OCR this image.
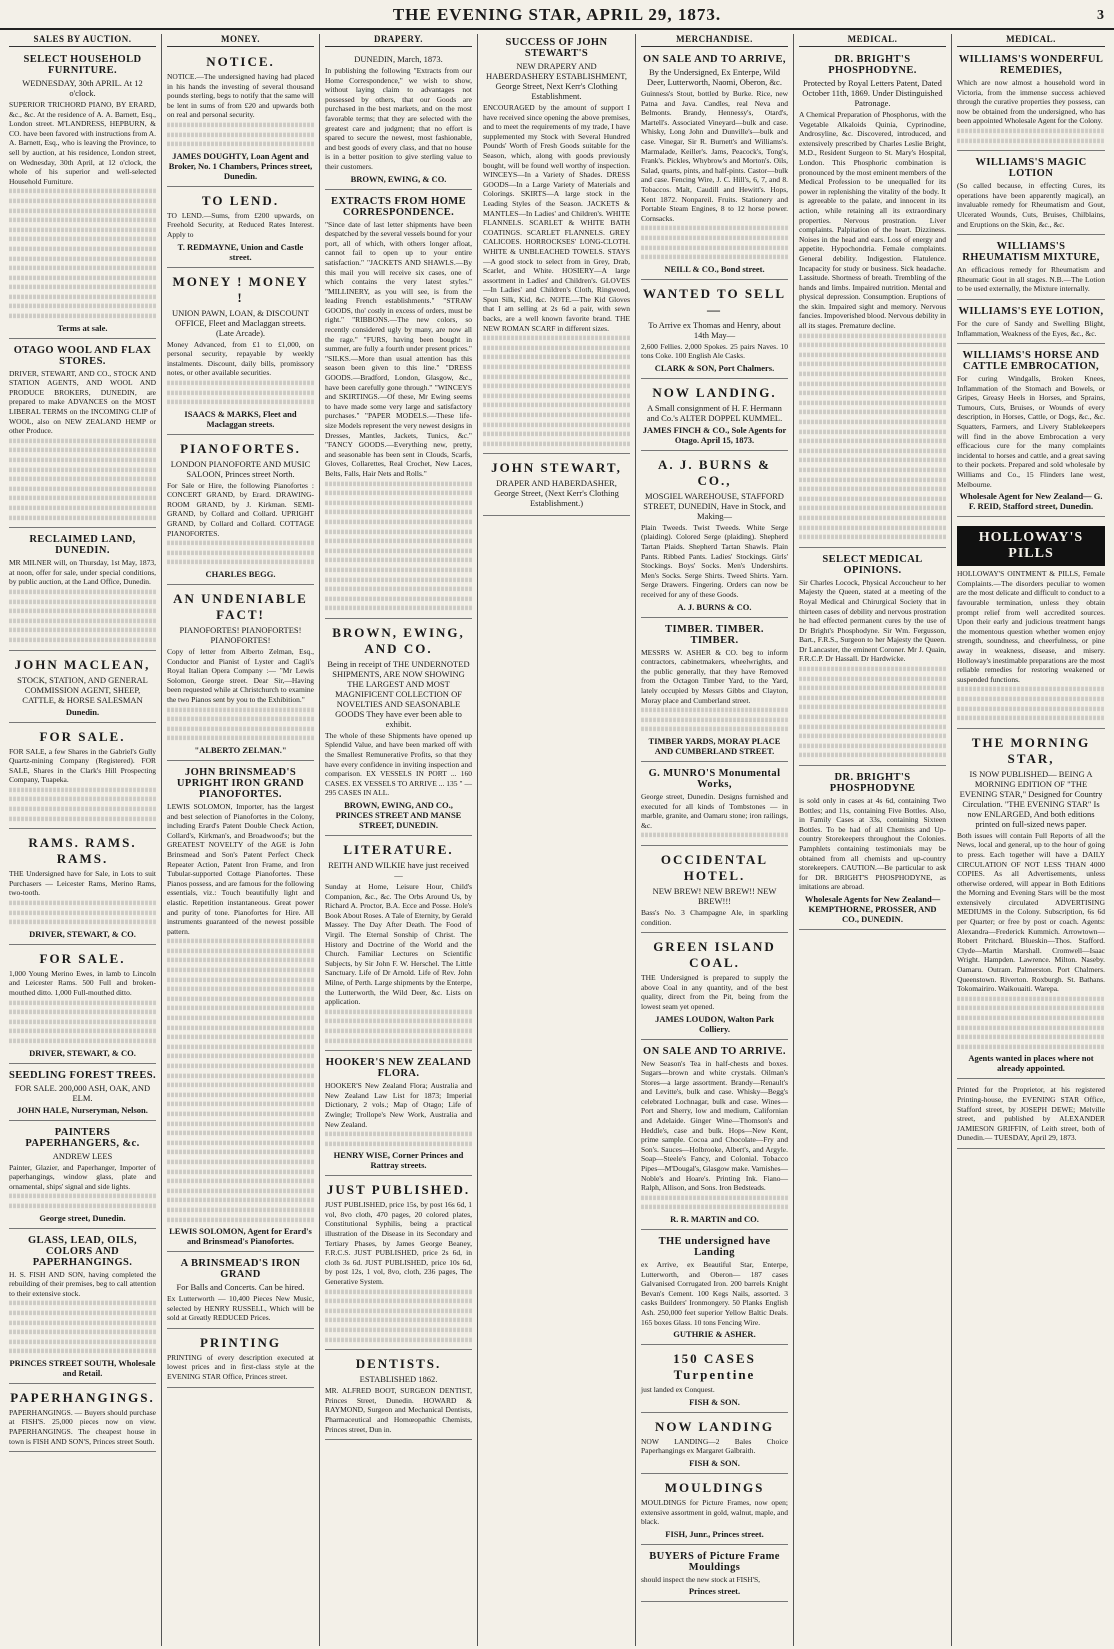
THE EVENING STAR, APRIL 29, 1873.	3
SALES BY AUCTION.
SELECT HOUSEHOLD FURNITURE.
WEDNESDAY, 30th APRIL. At 12 o'clock.
SUPERIOR TRICHORD PIANO, BY ERARD, &c., &c. At the residence of A. A. Barnett, Esq., London street. M'LANDRESS, HEPBURN, & CO. have been favored with instructions from A. A. Barnett, Esq., who is leaving the Province, to sell by auction, at his residence, London street, on Wednesday, 30th April, at 12 o'clock, the whole of his superior and well-selected Household Furniture.
Terms at sale.
OTAGO WOOL AND FLAX STORES.
DRIVER, STEWART, AND CO., STOCK AND STATION AGENTS, AND WOOL AND PRODUCE BROKERS, DUNEDIN, are prepared to make ADVANCES on the MOST LIBERAL TERMS on the INCOMING CLIP of WOOL, also on NEW ZEALAND HEMP or other Produce.
RECLAIMED LAND, DUNEDIN.
MR MILNER will, on Thursday, 1st May, 1873, at noon, offer for sale, under special conditions, by public auction, at the Land Office, Dunedin.
JOHN MACLEAN,
STOCK, STATION, AND GENERAL COMMISSION AGENT, SHEEP, CATTLE, & HORSE SALESMAN
Dunedin.
FOR SALE.
FOR SALE, a few Shares in the Gabriel's Gully Quartz-mining Company (Registered). FOR SALE, Shares in the Clark's Hill Prospecting Company, Tuapeka.
RAMS. RAMS. RAMS.
THE Undersigned have for Sale, in Lots to suit Purchasers — Leicester Rams, Merino Rams, two-tooth.
DRIVER, STEWART, & CO.
FOR SALE.
1,000 Young Merino Ewes, in lamb to Lincoln and Leicester Rams. 500 Full and broken-mouthed ditto. 1,000 Full-mouthed ditto.
DRIVER, STEWART, & CO.
SEEDLING FOREST TREES.
FOR SALE. 200,000 ASH, OAK, AND ELM.
JOHN HALE, Nurseryman, Nelson.
PAINTERS PAPERHANGERS, &c.
ANDREW LEES
Painter, Glazier, and Paperhanger, Importer of paperhangings, window glass, plate and ornamental, ships' signal and side lights.
George street, Dunedin.
GLASS, LEAD, OILS, COLORS AND PAPERHANGINGS.
H. S. FISH AND SON, having completed the rebuilding of their premises, beg to call attention to their extensive stock.
PRINCES STREET SOUTH, Wholesale and Retail.
PAPERHANGINGS.
PAPERHANGINGS. — Buyers should purchase at FISH'S. 25,000 pieces now on view. PAPERHANGINGS. The cheapest house in town is FISH AND SON'S, Princes street South.
MONEY.
NOTICE.
NOTICE.—The undersigned having had placed in his hands the investing of several thousand pounds sterling, begs to notify that the same will be lent in sums of from £20 and upwards both on real and personal security.
JAMES DOUGHTY, Loan Agent and Broker, No. 1 Chambers, Princes street, Dunedin.
TO LEND.
TO LEND.—Sums, from £200 upwards, on Freehold Security, at Reduced Rates Interest. Apply to
T. REDMAYNE, Union and Castle street.
MONEY ! MONEY !
UNION PAWN, LOAN, & DISCOUNT OFFICE, Fleet and Maclaggan streets. (Late Arcade).
Money Advanced, from £1 to £1,000, on personal security, repayable by weekly instalments. Discount, daily bills, promissory notes, or other available securities.
ISAACS & MARKS, Fleet and Maclaggan streets.
PIANOFORTES.
LONDON PIANOFORTE AND MUSIC SALOON, Princes street North.
For Sale or Hire, the following Pianofortes : CONCERT GRAND, by Erard. DRAWING-ROOM GRAND, by J. Kirkman. SEMI-GRAND, by Collard and Collard. UPRIGHT GRAND, by Collard and Collard. COTTAGE PIANOFORTES.
CHARLES BEGG.
AN UNDENIABLE FACT!
PIANOFORTES! PIANOFORTES! PIANOFORTES!
Copy of letter from Alberto Zelman, Esq., Conductor and Pianist of Lyster and Cagli's Royal Italian Opera Company :— "Mr Lewis Solomon, George street. Dear Sir,—Having been requested while at Christchurch to examine the two Pianos sent by you to the Exhibition."
"ALBERTO ZELMAN."
JOHN BRINSMEAD'S UPRIGHT IRON GRAND PIANOFORTES.
LEWIS SOLOMON, Importer, has the largest and best selection of Pianofortes in the Colony, including Erard's Patent Double Check Action, Collard's, Kirkman's, and Broadwood's; but the GREATEST NOVELTY of the AGE is John Brinsmead and Son's Patent Perfect Check Repeater Action, Patent Iron Frame, and Iron Tubular-supported Cottage Pianofortes. These Pianos possess, and are famous for the following essentials, viz.: Touch beautifully light and elastic. Repetition instantaneous. Great power and purity of tone. Pianofortes for Hire. All instruments guaranteed of the newest possible pattern.
LEWIS SOLOMON, Agent for Erard's and Brinsmead's Pianofortes.
A BRINSMEAD'S IRON GRAND
For Balls and Concerts. Can be hired.
Ex Lutterworth — 10,400 Pieces New Music, selected by HENRY RUSSELL, Which will be sold at Greatly REDUCED Prices.
PRINTING
PRINTING of every description executed at lowest prices and in first-class style at the EVENING STAR Office, Princes street.
DRAPERY.
DUNEDIN, March, 1873.
In publishing the following "Extracts from our Home Correspondence," we wish to show, without laying claim to advantages not possessed by others, that our Goods are purchased in the best markets, and on the most favorable terms; that they are selected with the greatest care and judgment; that no effort is spared to secure the newest, most fashionable, and best goods of every class, and that no house is in a better position to give sterling value to their customers.
BROWN, EWING, & CO.
EXTRACTS FROM HOME CORRESPONDENCE.
"Since date of last letter shipments have been despatched by the several vessels bound for your port, all of which, with others longer afloat, cannot fail to open up to your entire satisfaction." "JACKETS AND SHAWLS.—By this mail you will receive six cases, one of which contains the very latest styles." "MILLINERY, as you will see, is from the leading French establishments." "STRAW GOODS, tho' costly in excess of orders, must be right." "RIBBONS.—The new colors, so recently considered ugly by many, are now all the rage." "FURS, having been bought in summer, are fully a fourth under present prices." "SILKS.—More than usual attention has this season been given to this line." "DRESS GOODS.—Bradford, London, Glasgow, &c., have been carefully gone through." "WINCEYS and SKIRTINGS.—Of these, Mr Ewing seems to have made some very large and satisfactory purchases." "PAPER MODELS.—These life-size Models represent the very newest designs in Dresses, Mantles, Jackets, Tunics, &c." "FANCY GOODS.—Everything new, pretty, and seasonable has been sent in Clouds, Scarfs, Gloves, Collarettes, Real Crochet, New Laces, Belts, Falls, Hair Nets and Rolls."
BROWN, EWING, AND CO.
Being in receipt of THE UNDERNOTED SHIPMENTS, ARE NOW SHOWING THE LARGEST AND MOST MAGNIFICENT COLLECTION OF NOVELTIES AND SEASONABLE GOODS They have ever been able to exhibit.
The whole of these Shipments have opened up Splendid Value, and have been marked off with the Smallest Remunerative Profits, so that they have every confidence in inviting inspection and comparison. EX VESSELS IN PORT ... 160 CASES. EX VESSELS TO ARRIVE ... 135 " — 295 CASES IN ALL.
BROWN, EWING, AND CO., PRINCES STREET AND MANSE STREET, DUNEDIN.
LITERATURE.
REITH AND WILKIE have just received—
Sunday at Home, Leisure Hour, Child's Companion, &c., &c. The Orbs Around Us, by Richard A. Proctor, B.A. Ecce and Posse. Hole's Book About Roses. A Tale of Eternity, by Gerald Massey. The Day After Death. The Food of Virgil. The Eternal Sonship of Christ. The History and Doctrine of the World and the Church. Familiar Lectures on Scientific Subjects, by Sir John F. W. Herschel. The Little Sanctuary. Life of Dr Arnold. Life of Rev. John Milne, of Perth. Large shipments by the Enterpe, the Lutterworth, the Wild Deer, &c. Lists on application.
HOOKER'S NEW ZEALAND FLORA.
HOOKER'S New Zealand Flora; Australia and New Zealand Law List for 1873; Imperial Dictionary, 2 vols.; Map of Otago; Life of Zwingle; Trollope's New Work, Australia and New Zealand.
HENRY WISE, Corner Princes and Rattray streets.
JUST PUBLISHED.
JUST PUBLISHED, price 15s, by post 16s 6d, 1 vol, 8vo cloth, 470 pages, 20 colored plates, Constitutional Syphilis, being a practical illustration of the Disease in its Secondary and Tertiary Phases, by James George Beaney, F.R.C.S. JUST PUBLISHED, price 2s 6d, in cloth 3s 6d. JUST PUBLISHED, price 10s 6d, by post 12s, 1 vol, 8vo, cloth, 236 pages, The Generative System.
DENTISTS.
ESTABLISHED 1862.
MR. ALFRED BOOT, SURGEON DENTIST, Princes Street, Dunedin. HOWARD & RAYMOND, Surgeon and Mechanical Dentists, Pharmaceutical and Homœopathic Chemists, Princes street, Dun in.
SUCCESS OF JOHN STEWART'S
NEW DRAPERY AND HABERDASHERY ESTABLISHMENT, George Street, Next Kerr's Clothing Establishment.
ENCOURAGED by the amount of support I have received since opening the above premises, and to meet the requirements of my trade, I have supplemented my Stock with Several Hundred Pounds' Worth of Fresh Goods suitable for the Season, which, along with goods previously bought, will be found well worthy of inspection. WINCEYS—In a Variety of Shades. DRESS GOODS—In a Large Variety of Materials and Colorings. SKIRTS—A large stock in the Leading Styles of the Season. JACKETS & MANTLES—In Ladies' and Children's. WHITE FLANNELS. SCARLET & WHITE BATH COATINGS. SCARLET FLANNELS. GREY CALICOES. HORROCKSES' LONG-CLOTH. WHITE & UNBLEACHED TOWELS. STAYS—A good stock to select from in Grey, Drab, Scarlet, and White. HOSIERY—A large assortment in Ladies' and Children's. GLOVES—In Ladies' and Children's Cloth, Ringwood, Spun Silk, Kid, &c. NOTE.—The Kid Gloves that I am selling at 2s 6d a pair, with sewn backs, are a well known favorite brand. THE NEW ROMAN SCARF in different sizes.
JOHN STEWART,
DRAPER AND HABERDASHER, George Street, (Next Kerr's Clothing Establishment.)
MERCHANDISE.
ON SALE AND TO ARRIVE,
By the Undersigned, Ex Enterpe, Wild Deer, Lutterworth, Naomi, Oberon, &c.
Guinness's Stout, bottled by Burke. Rice, new Patna and Java. Candles, real Neva and Belmonts. Brandy, Hennessy's, Otard's, Martell's. Associated Vineyard—bulk and case. Whisky, Long John and Dunville's—bulk and case. Vinegar, Sir R. Burnett's and Williams's. Marmalade, Keiller's. Jams, Peacock's, Tong's, Frank's. Pickles, Whybrow's and Morton's. Oils, Salad, quarts, pints, and half-pints. Castor—bulk and case. Fencing Wire, J. C. Hill's, 6, 7, and 8. Tobaccos. Malt, Caudill and Hewitt's. Hops, Kent 1872. Nonpareil. Fruits. Stationery and Portable Steam Engines, 8 to 12 horse power. Cornsacks.
NEILL & CO., Bond street.
WANTED TO SELL—
To Arrive ex Thomas and Henry, about 14th May—
2,600 Fellies. 2,000 Spokes. 25 pairs Naves. 10 tons Coke. 100 English Ale Casks.
CLARK & SON, Port Chalmers.
NOW LANDING.
A Small consignment of H. F. Hermann and Co.'s ALTER DOPPEL KUMMEL.
JAMES FINCH & CO., Sole Agents for Otago. April 15, 1873.
A. J. BURNS & CO.,
MOSGIEL WAREHOUSE, STAFFORD STREET, DUNEDIN, Have in Stock, and Making—
Plain Tweeds. Twist Tweeds. White Serge (plaiding). Colored Serge (plaiding). Shepherd Tartan Plaids. Shepherd Tartan Shawls. Plain Pants. Ribbed Pants. Ladies' Stockings. Girls' Stockings. Boys' Socks. Men's Undershirts. Men's Socks. Serge Shirts. Tweed Shirts. Yarn. Serge Drawers. Fingering. Orders can now be received for any of these Goods.
A. J. BURNS & CO.
TIMBER. TIMBER. TIMBER.
MESSRS W. ASHER & CO. beg to inform contractors, cabinetmakers, wheelwrights, and the public generally, that they have Removed from the Octagon Timber Yard, to the Yard, lately occupied by Messrs Gibbs and Clayton, Moray place and Cumberland street.
TIMBER YARDS, MORAY PLACE AND CUMBERLAND STREET.
G. MUNRO'S Monumental Works,
George street, Dunedin. Designs furnished and executed for all kinds of Tombstones — in marble, granite, and Oamaru stone; iron railings, &c.
OCCIDENTAL HOTEL.
NEW BREW! NEW BREW!! NEW BREW!!!
Bass's No. 3 Champagne Ale, in sparkling condition.
GREEN ISLAND COAL.
THE Undersigned is prepared to supply the above Coal in any quantity, and of the best quality, direct from the Pit, being from the lowest seam yet opened.
JAMES LOUDON, Walton Park Colliery.
ON SALE AND TO ARRIVE.
New Season's Tea in half-chests and boxes. Sugars—brown and white crystals. Oilman's Stores—a large assortment. Brandy—Renault's and Levitte's, bulk and case. Whisky—Begg's celebrated Lochnagar, bulk and case. Wines—Port and Sherry, low and medium, Californian and Adelaide. Ginger Wine—Thomson's and Heddle's, case and bulk. Hops—New Kent, prime sample. Cocoa and Chocolate—Fry and Son's. Sauces—Holbrooke, Albert's, and Argyle. Soap—Steele's Fancy, and Colonial. Tobacco Pipes—M'Dougal's, Glasgow make. Varnishes—Noble's and Hoare's. Printing Ink. Fiano—Ralph, Allison, and Sons. Iron Bedsteads.
R. R. MARTIN and CO.
THE undersigned have Landing
ex Arrive, ex Beautiful Star, Enterpe, Lutterworth, and Oberon— 187 cases Galvanised Corrugated Iron. 200 barrels Knight Bevan's Cement. 100 Kegs Nails, assorted. 3 casks Builders' Ironmongery. 50 Planks English Ash. 250,000 feet superior Yellow Baltic Deals. 165 boxes Glass. 10 tons Fencing Wire.
GUTHRIE & ASHER.
150 CASES Turpentine
just landed ex Conquest.
FISH & SON.
NOW LANDING
NOW LANDING—2 Bales Choice Paperhangings ex Margaret Galbraith.
FISH & SON.
MOULDINGS
MOULDINGS for Picture Frames, now open; extensive assortment in gold, walnut, maple, and black.
FISH, Junr., Princes street.
BUYERS of Picture Frame Mouldings
should inspect the new stock at FISH'S,
Princes street.
MEDICAL.
DR. BRIGHT'S PHOSPHODYNE.
Protected by Royal Letters Patent, Dated October 11th, 1869. Under Distinguished Patronage.
A Chemical Preparation of Phosphorus, with the Vegetable Alkaloids Quinia, Cyprinodine, Androsyline, &c. Discovered, introduced, and extensively prescribed by Charles Leslie Bright, M.D., Resident Surgeon to St. Mary's Hospital, London. This Phosphoric combination is pronounced by the most eminent members of the Medical Profession to be unequalled for its power in replenishing the vitality of the body. It is agreeable to the palate, and innocent in its action, while retaining all its extraordinary properties. Nervous prostration. Liver complaints. Palpitation of the heart. Dizziness. Noises in the head and ears. Loss of energy and appetite. Hypochondria. Female complaints. General debility. Indigestion. Flatulence. Incapacity for study or business. Sick headache. Lassitude. Shortness of breath. Trembling of the hands and limbs. Impaired nutrition. Mental and physical depression. Consumption. Eruptions of the skin. Impaired sight and memory. Nervous fancies. Impoverished blood. Nervous debility in all its stages. Premature decline.
SELECT MEDICAL OPINIONS.
Sir Charles Locock, Physical Accoucheur to her Majesty the Queen, stated at a meeting of the Royal Medical and Chirurgical Society that in thirteen cases of debility and nervous prostration he had effected permanent cures by the use of Dr Bright's Phosphodyne. Sir Wm. Fergusson, Bart., F.R.S., Surgeon to her Majesty the Queen. Dr Lancaster, the eminent Coroner. Mr J. Quain, F.R.C.P. Dr Hassall. Dr Hardwicke.
DR. BRIGHT'S PHOSPHODYNE
is sold only in cases at 4s 6d, containing Two Bottles; and 11s, containing Five Bottles. Also, in Family Cases at 33s, containing Sixteen Bottles. To be had of all Chemists and Up-country Storekeepers throughout the Colonies. Pamphlets containing testimonials may be obtained from all chemists and up-country storekeepers. CAUTION.—Be particular to ask for DR. BRIGHT'S PHOSPHODYNE, as imitations are abroad.
Wholesale Agents for New Zealand— KEMPTHORNE, PROSSER, AND CO., DUNEDIN.
MEDICAL.
WILLIAMS'S WONDERFUL REMEDIES,
Which are now almost a household word in Victoria, from the immense success achieved through the curative properties they possess, can now be obtained from the undersigned, who has been appointed Wholesale Agent for the Colony.
WILLIAMS'S MAGIC LOTION
(So called because, in effecting Cures, its operations have been apparently magical), an invaluable remedy for Rheumatism and Gout, Ulcerated Wounds, Cuts, Bruises, Chilblains, and Eruptions on the Skin, &c., &c.
WILLIAMS'S RHEUMATISM MIXTURE,
An efficacious remedy for Rheumatism and Rheumatic Gout in all stages. N.B.—The Lotion to be used externally, the Mixture internally.
WILLIAMS'S EYE LOTION,
For the cure of Sandy and Swelling Blight, Inflammation, Weakness of the Eyes, &c., &c.
WILLIAMS'S HORSE AND CATTLE EMBROCATION,
For curing Windgalls, Broken Knees, Inflammation of the Stomach and Bowels, or Gripes, Greasy Heels in Horses, and Sprains, Tumours, Cuts, Bruises, or Wounds of every description, in Horses, Cattle, or Dogs, &c., &c. Squatters, Farmers, and Livery Stablekeepers will find in the above Embrocation a very efficacious cure for the many complaints incidental to horses and cattle, and a great saving to their pockets. Prepared and sold wholesale by Williams and Co., 15 Flinders lane west, Melbourne.
Wholesale Agent for New Zealand— G. F. REID, Stafford street, Dunedin.
HOLLOWAY'S PILLS
HOLLOWAY'S OINTMENT & PILLS, Female Complaints.—The disorders peculiar to women are the most delicate and difficult to conduct to a favourable termination, unless they obtain prompt relief from well accredited sources. Upon their early and judicious treatment hangs the momentous question whether women enjoy strength, soundness, and cheerfulness, or pine away in weakness, disease, and misery. Holloway's inestimable preparations are the most reliable remedies for restoring weakened or suspended functions.
THE MORNING STAR,
IS NOW PUBLISHED— BEING A MORNING EDITION OF "THE EVENING STAR," Designed for Country Circulation. "THE EVENING STAR" Is now ENLARGED, And both editions printed on full-sized news paper.
Both issues will contain Full Reports of all the News, local and general, up to the hour of going to press. Each together will have a DAILY CIRCULATION OF NOT LESS THAN 4000 COPIES. As all Advertisements, unless otherwise ordered, will appear in Both Editions the Morning and Evening Stars will be the most extensively circulated ADVERTISING MEDIUMS in the Colony. Subscription, 6s 6d per Quarter; or free by post or coach. Agents: Alexandra—Frederick Kummich. Arrowtown—Robert Pritchard. Blueskin—Thos. Stafford. Clyde—Martin Marshall. Cromwell—Isaac Wright. Hampden. Lawrence. Milton. Naseby. Oamaru. Outram. Palmerston. Port Chalmers. Queenstown. Riverton. Roxburgh. St. Bathans. Tokomairiro. Waikouaiti. Warepa.
Agents wanted in places where not already appointed.
Printed for the Proprietor, at his registered Printing-house, the EVENING STAR Office, Stafford street, by JOSEPH DEWE; Melville street, and published by ALEXANDER JAMIESON GRIFFIN, of Leith street, both of Dunedin.— TUESDAY, April 29, 1873.
